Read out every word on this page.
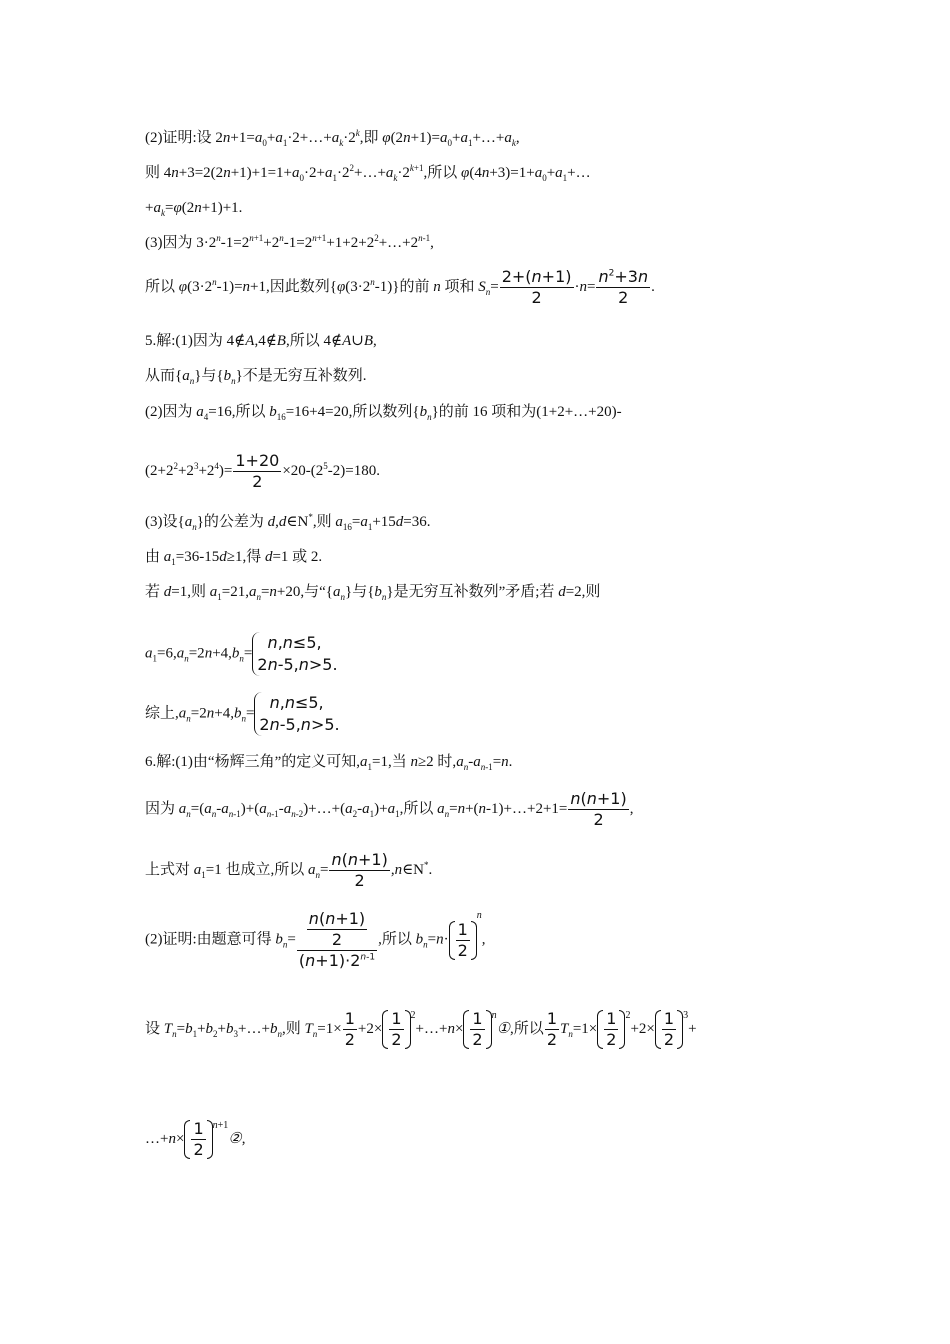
(2)证明:设 $2n+1=a_0+a_1\cdot 2+\dots+a_k\cdot 2^k$,即 $\varphi(2n+1)=a_0+a_1+\dots+a_k$,
则 $4n+3=2(2n+1)+1=1+a_0\cdot 2+a_1\cdot 2^2+\dots+a_k\cdot 2^{k+1}$,所以 $\varphi(4n+3)=1+a_0+a_1+\dots$
$+a_k=\varphi(2n+1)+1$.
(3)因为 $3\cdot 2^n-1=2^{n+1}+2^n-1=2^{n+1}+1+2+2^2+\dots+2^{n-1}$,
所以 $\varphi(3\cdot 2^n-1)=n+1$,因此数列$\{\varphi(3\cdot 2^n-1)\}$的前 n 项和 $S_n= \frac{2+(n+1)}{2} \cdot n= \frac{n^2+3n}{2}$ .
5.解:(1)因为 4∉A,4∉B,所以 4∉A∪B,
从而$\{a_n\}$与$\{b_n\}$不是无穷互补数列.
(2)因为 $a_4=16$,所以 $b_{16}=16+4=20$,所以数列$\{b_n\}$的前 16 项和为(1+2+…+20)-
$(2+2^2+2^3+2^4)= \frac{1+20}{2} \times 20-(2^5-2)=180$.
(3)设$\{a_n\}$的公差为 d,d∈N*,则 $a_{16}=a_1+15d=36$.
由 $a_1=36-15d\ge 1$,得 d=1 或 2.
若 d=1,则 $a_1=21,a_n=n+20$,与“$\{a_n\}$与$\{b_n\}$是无穷互补数列”矛盾;若 d=2,则
$a_1=6,a_n=2n+4,b_n=$
n,n≤5,
2n-5,n>5.
综上$,a_n=2n+4,b_n=$
n,n≤5,
2n-5,n>5.
6.解:(1)由“杨辉三角”的定义可知$,a_1=1$,当 n≥2 时$,a_n-a_{n-1}=n$.
因为 $a_n=(a_n-a_{n-1})+(a_{n-1}-a_{n-2})+\dots+(a_2-a_1)+a_1$,所以 $a_n=n+(n-1)+\dots+2+1= \frac{n(n+1)}{2}$ ,
上式对 $a_1=1$ 也成立,所以 $a_n= \frac{n(n+1)}{2}$ ,n∈N*.
(2)证明:由题意可得 $b_n= \frac{\frac{n(n+1)}{2}}{(n+1)\cdot 2^{n-1}}$ ,所以 $b_n=n\cdot \frac{1}{2}$
$^n$,
设 $T_n=b_1+b_2+b_3+\dots+b_n$,则 $T_n=1\times \frac{1}{2} +2\times \frac{1}{2}$ $^2$+…+n× $\frac{1}{2}$ $^n$①,所以 $\frac{1}{2} T_n=1\times \frac{1}{2} ^2+2\times \frac{1}{2} ^3+$
…+n× $\frac{1}{2}$ $^{n+1}$②,
